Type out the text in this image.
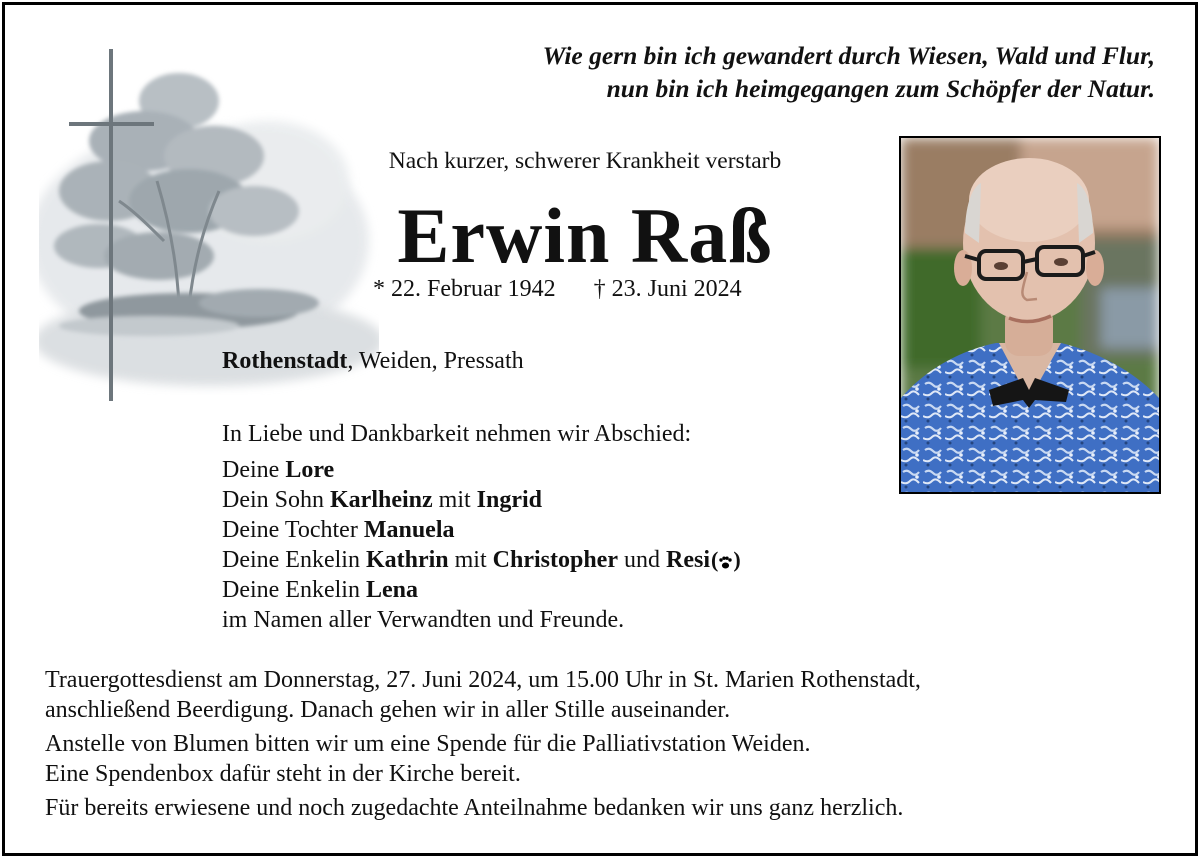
Wie gern bin ich gewandert durch Wiesen, Wald und Flur,
nun bin ich heimgegangen zum Schöpfer der Natur.
Nach kurzer, schwerer Krankheit verstarb
Erwin Raß
* 22. Februar 1942 † 23. Juni 2024
Rothenstadt, Weiden, Pressath
In Liebe und Dankbarkeit nehmen wir Abschied:
Deine Lore
Dein Sohn Karlheinz mit Ingrid
Deine Tochter Manuela
Deine Enkelin Kathrin mit Christopher und Resi( )
Deine Enkelin Lena
im Namen aller Verwandten und Freunde.
Trauergottesdienst am Donnerstag, 27. Juni 2024, um 15.00 Uhr in St. Marien Rothenstadt,
anschließend Beerdigung. Danach gehen wir in aller Stille auseinander.
Anstelle von Blumen bitten wir um eine Spende für die Palliativstation Weiden.
Eine Spendenbox dafür steht in der Kirche bereit.
Für bereits erwiesene und noch zugedachte Anteilnahme bedanken wir uns ganz herzlich.
